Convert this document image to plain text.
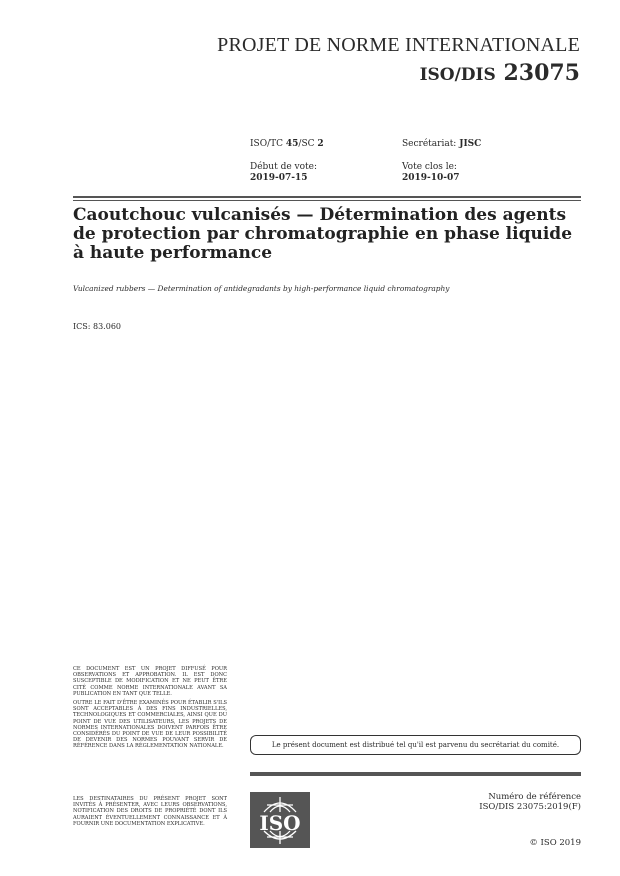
PROJET DE NORME INTERNATIONALE
ISO/DIS 23075
ISO/TC 45/SC 2	Secrétariat: JISC
Début de vote:
2019-07-15
Vote clos le:
2019-10-07
Caoutchouc vulcanisés — Détermination des agents de protection par chromatographie en phase liquide à haute performance
Vulcanized rubbers — Determination of antidegradants by high-performance liquid chromatography
ICS: 83.060
CE DOCUMENT EST UN PROJET DIFFUSÉ POUR OBSERVATIONS ET APPROBATION. IL EST DONC SUSCEPTIBLE DE MODIFICATION ET NE PEUT ÊTRE CITÉ COMME NORME INTERNATIONALE AVANT SA PUBLICATION EN TANT QUE TELLE.
OUTRE LE FAIT D'ÊTRE EXAMINÉS POUR ÉTABLIR S'ILS SONT ACCEPTABLES À DES FINS INDUSTRIELLES, TECHNOLOGIQUES ET COMMERCIALES, AINSI QUE DU POINT DE VUE DES UTILISATEURS, LES PROJETS DE NORMES INTERNATIONALES DOIVENT PARFOIS ÊTRE CONSIDÉRÉS DU POINT DE VUE DE LEUR POSSIBILITÉ DE DEVENIR DES NORMES POUVANT SERVIR DE RÉFÉRENCE DANS LA RÉGLEMENTATION NATIONALE.
LES DESTINATAIRES DU PRÉSENT PROJET SONT INVITÉS À PRÉSENTER, AVEC LEURS OBSERVATIONS, NOTIFICATION DES DROITS DE PROPRIÉTÉ DONT ILS AURAIENT ÉVENTUELLEMENT CONNAISSANCE ET À FOURNIR UNE DOCUMENTATION EXPLICATIVE.
Le présent document est distribué tel qu'il est parvenu du secrétariat du comité.
ISO
Numéro de référence
ISO/DIS 23075:2019(F)
© ISO 2019
